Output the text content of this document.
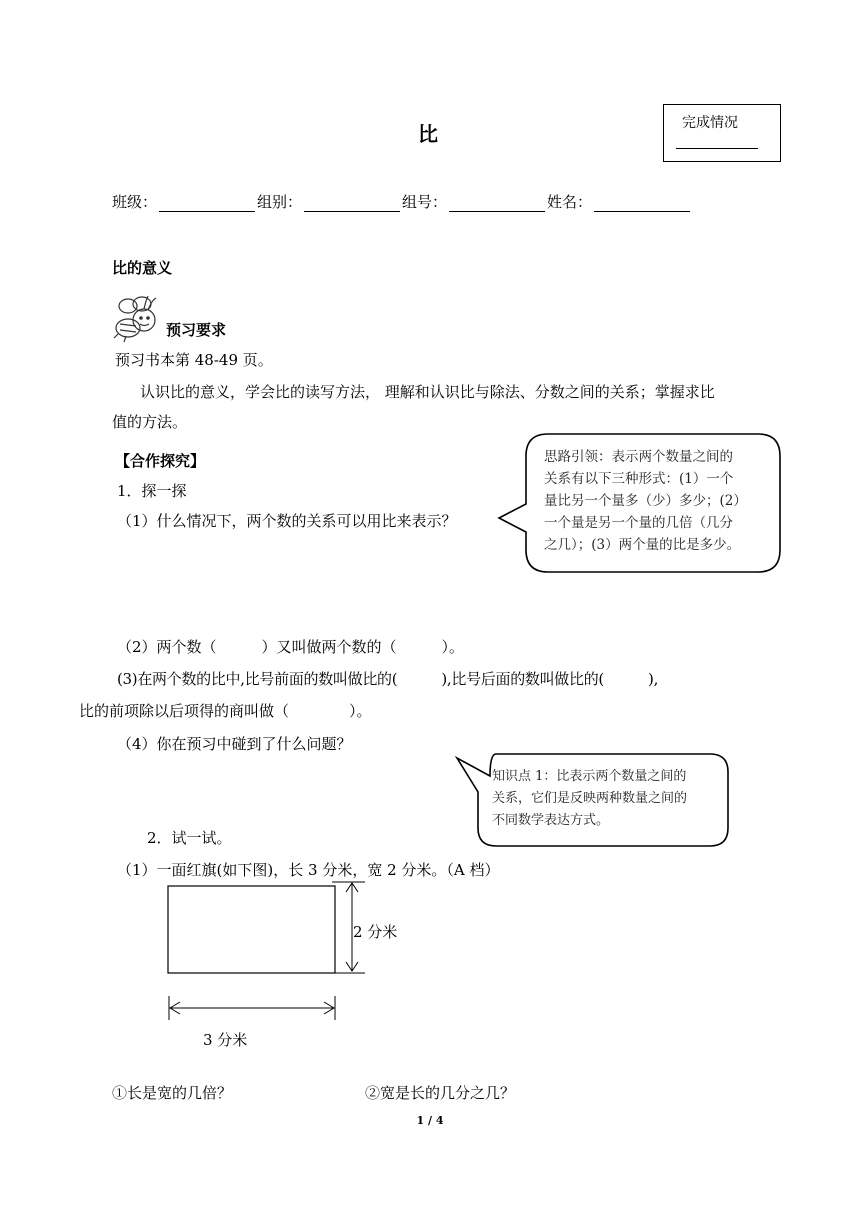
比	完成情况
班级：	组别：	组号：	姓名：
比的意义
预习要求
预习书本第 48-49 页。
认识比的意义，学会比的读写方法， 理解和认识比与除法、分数之间的关系；掌握求比
值的方法。
【合作探究】
1．探一探
（1）什么情况下，两个数的关系可以用比来表示？
思路引领：表示两个数量之间的
关系有以下三种形式：(1）一个
量比另一个量多（少）多少；(2）
一个量是另一个量的几倍（几分
之几）；(3）两个量的比是多少。
（2）两个数（　　　）又叫做两个数的（　　　）。
(3)在两个数的比中,比号前面的数叫做比的(　　　),比号后面的数叫做比的(　　　),
比的前项除以后项得的商叫做（　　　　）。
（4）你在预习中碰到了什么问题？
知识点 1：比表示两个数量之间的
关系，它们是反映两种数量之间的
不同数学表达方式。
2．试一试。
（1）一面红旗(如下图)，长 3 分米，宽 2 分米。（A 档）
2 分米
3 分米
①长是宽的几倍？	②宽是长的几分之几？
1 / 4
